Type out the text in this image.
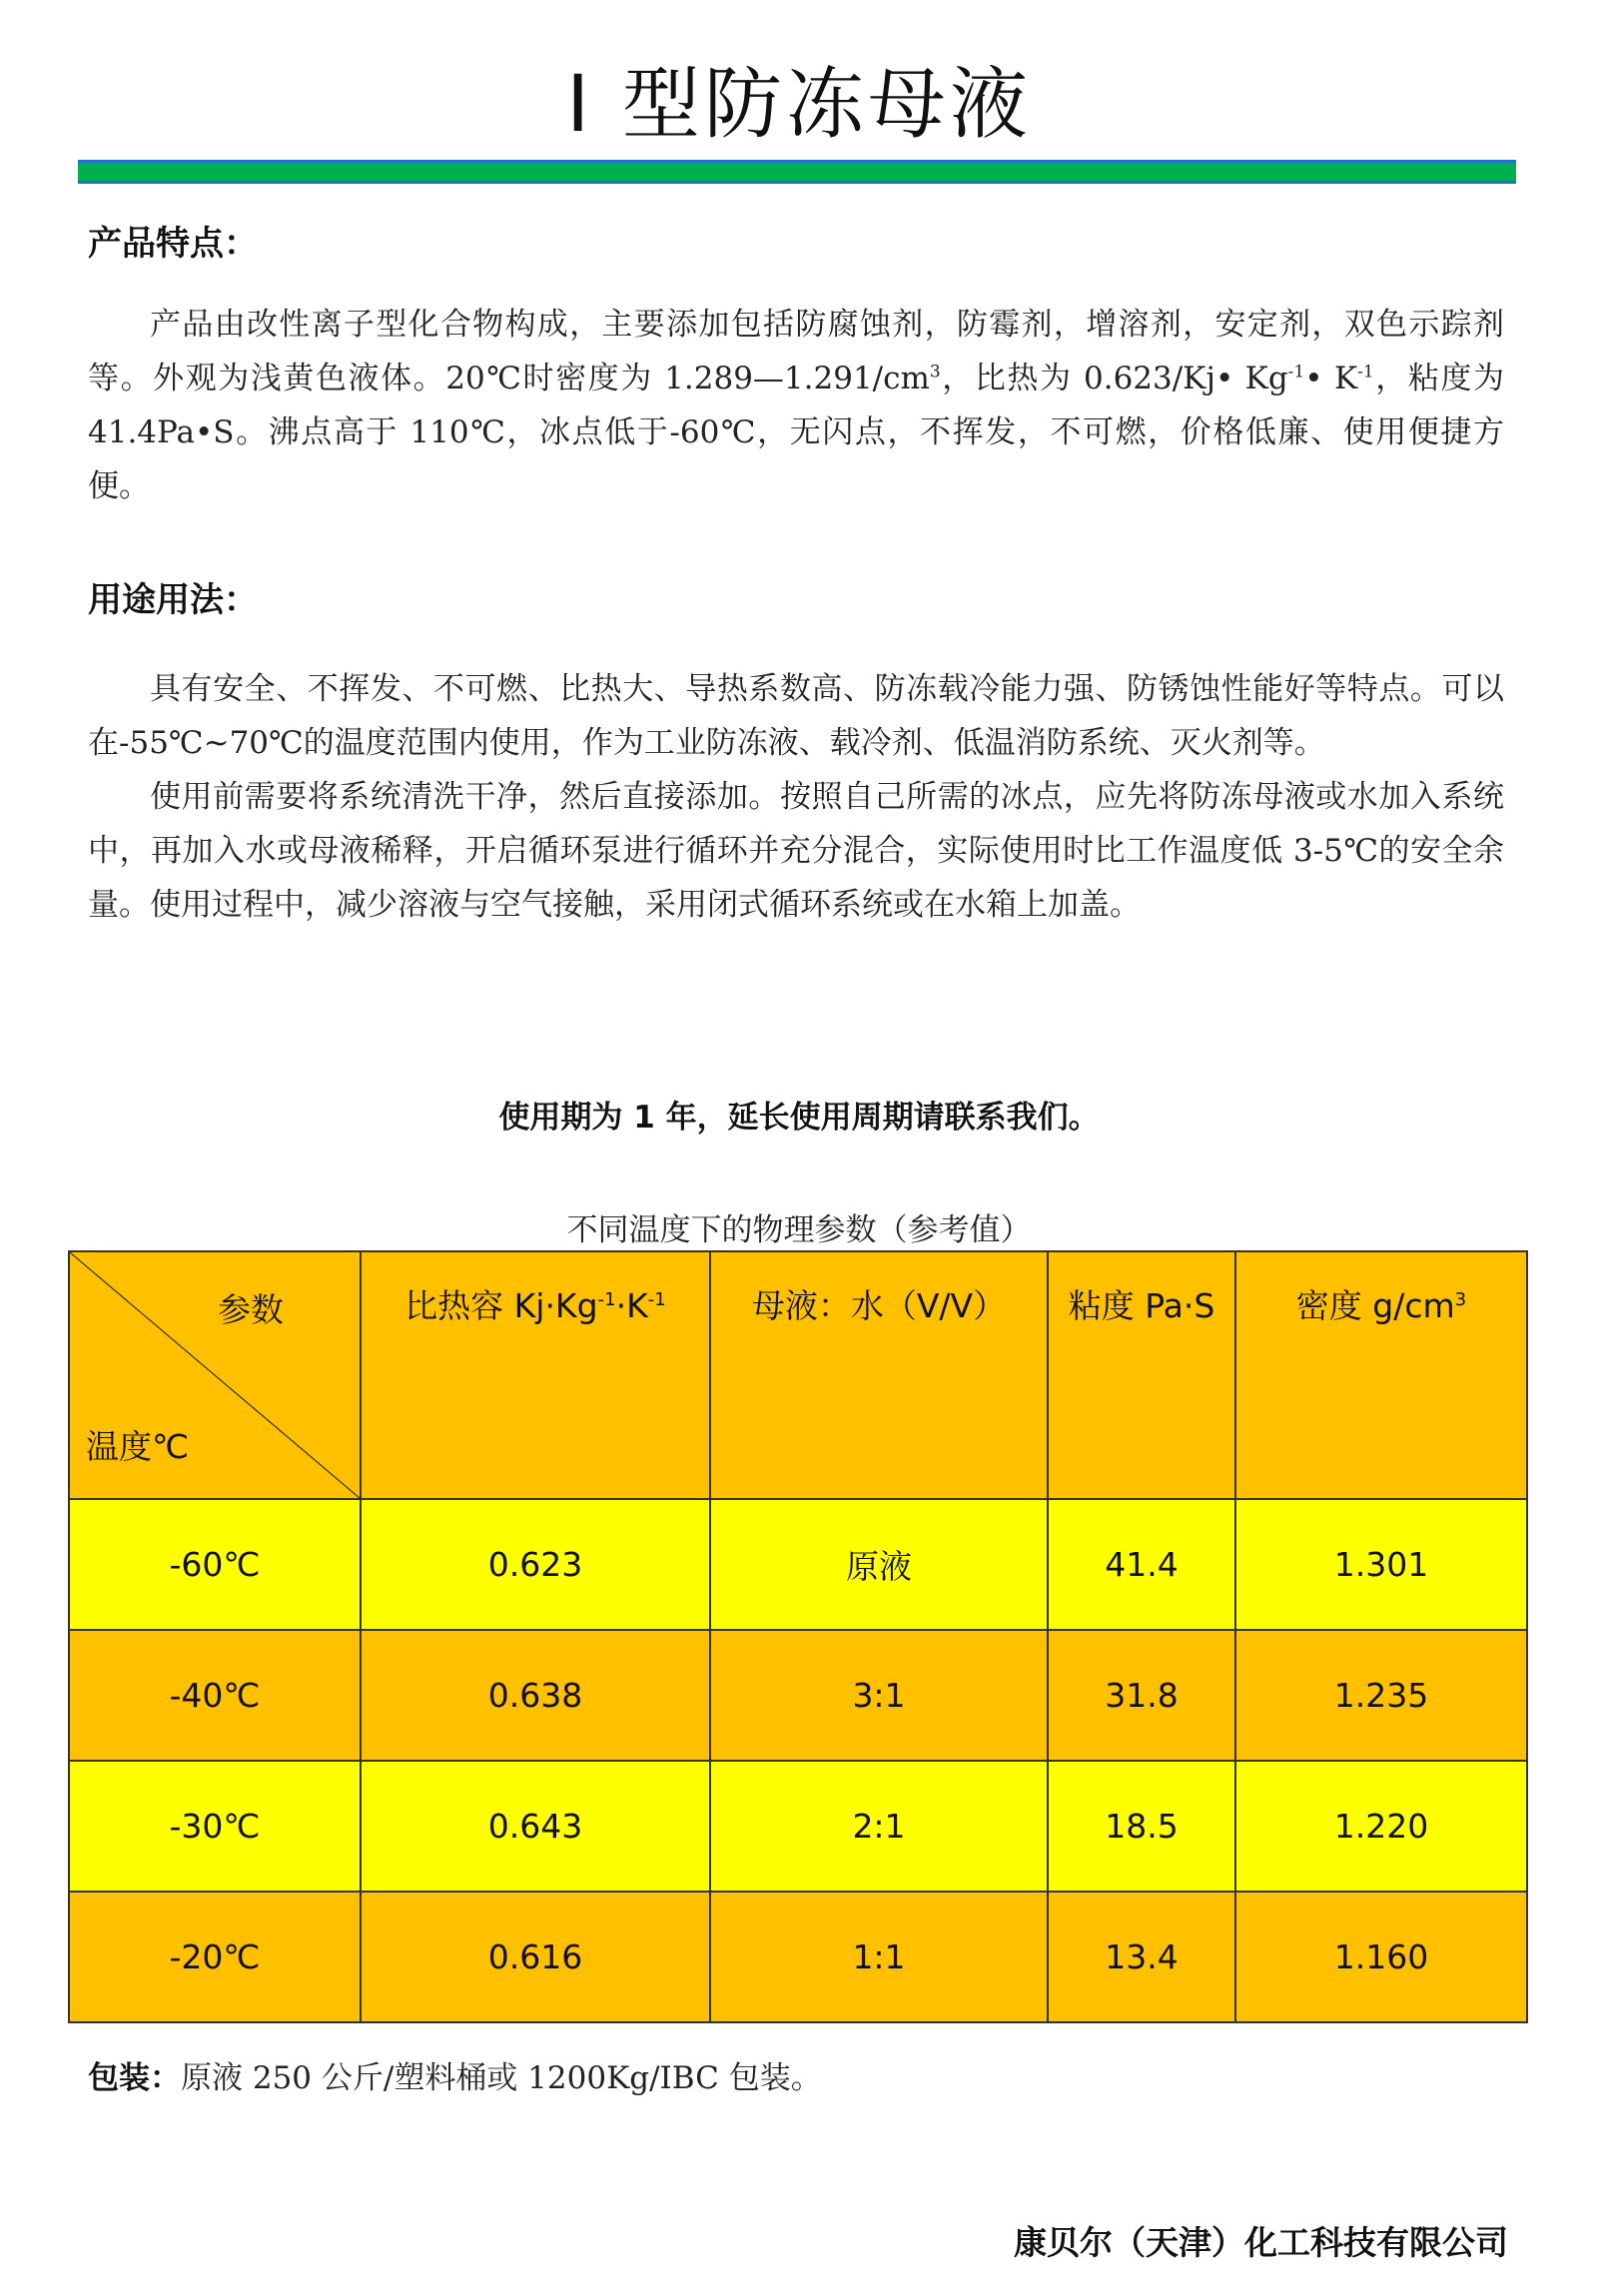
I 型防冻母液
产品特点：

产品由改性离子型化合物构成，主要添加包括防腐蚀剂，防霉剂，增溶剂，安定剂，双色示踪剂等。外观为浅黄色液体。20℃时密度为 $1.289—1.291/cm^3$，比热为 0.623/Kj• $Kg^{-1}•$ $K^{-1}$，粘度为 41.4Pa•S。沸点高于 110℃，冰点低于-60℃，无闪点，不挥发，不可燃，价格低廉、使用便捷方便。

用途用法：

具有安全、不挥发、不可燃、比热大、导热系数高、防冻载冷能力强、防锈蚀性能好等特点。可以在-55℃~70℃的温度范围内使用，作为工业防冻液、载冷剂、低温消防系统、灭火剂等。

使用前需要将系统清洗干净，然后直接添加。按照自己所需的冰点，应先将防冻母液或水加入系统中，再加入水或母液稀释，开启循环泵进行循环并充分混合，实际使用时比工作温度低 3-5℃的安全余量。使用过程中，减少溶液与空气接触，采用闭式循环系统或在水箱上加盖。

使用期为 1 年，延长使用周期请联系我们。
不同温度下的物理参数（参考值）
参数
温度℃	比热容 $Kj\cdot Kg^{-1}\cdot K^{-1}$	母液：水（V/V）	粘度 Pa·S	密度 $g/cm^3$
-60℃	0.623	原液	41.4	1.301
-40℃	0.638	3:1	31.8	1.235
-30℃	0.643	2:1	18.5	1.220
-20℃	0.616	1:1	13.4	1.160
包装：原液 250 公斤/塑料桶或 1200Kg/IBC 包装。
康贝尔（天津）化工科技有限公司
